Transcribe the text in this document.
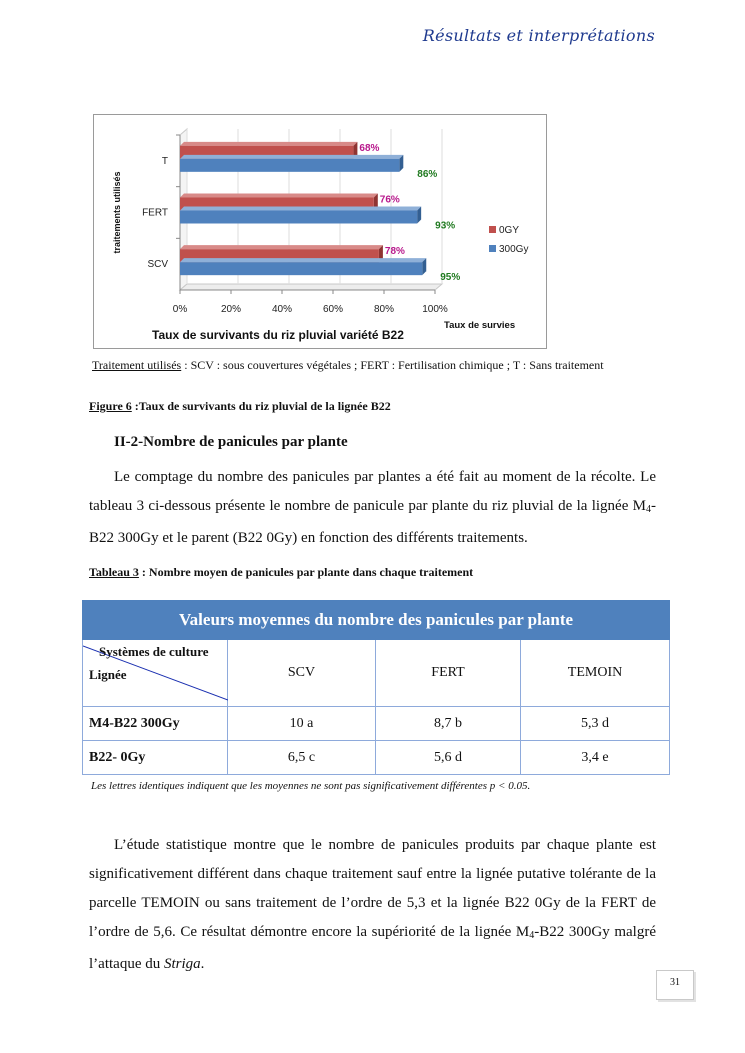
Résultats et interprétations
0%	20%	40%	60%	80%	100%
T
68%
86%
FERT
76%
93%
SCV
78%
95%
traitements utilisés
Taux de survies
Taux de survivants du riz pluvial variété B22
0GY
300Gy
Traitement utilisés : SCV : sous couvertures végétales ; FERT : Fertilisation chimique ; T : Sans traitement
Figure 6 :Taux de survivants du riz pluvial de la lignée B22
II-2-Nombre de panicules par plante
Le comptage du nombre des panicules par plantes a été fait au moment de la récolte. Le
tableau 3 ci-dessous présente le nombre de panicule par plante du riz pluvial de la lignée $M_4-$
B22 300Gy et le parent (B22 0Gy) en fonction des différents traitements.
Tableau 3 : Nombre moyen de panicules par plante dans chaque traitement
Valeurs moyennes du nombre des panicules par plante			

Systèmes de culture
Lignée	SCV	FERT	TEMOIN
M4-B22 300Gy	10 a	8,7 b	5,3 d
B22- 0Gy	6,5 c	5,6 d	3,4 e
Les lettres identiques indiquent que les moyennes ne sont pas significativement différentes p < 0.05.
L’étude statistique montre que le nombre de panicules produits par chaque plante est
significativement différent dans chaque traitement sauf entre la lignée putative tolérante de la
parcelle TEMOIN ou sans traitement de l’ordre de 5,3 et la lignée B22 0Gy de la FERT de
l’ordre de 5,6. Ce résultat démontre encore la supériorité de la lignée $M_4-B22$ 300Gy malgré
l’attaque du Striga.
31
